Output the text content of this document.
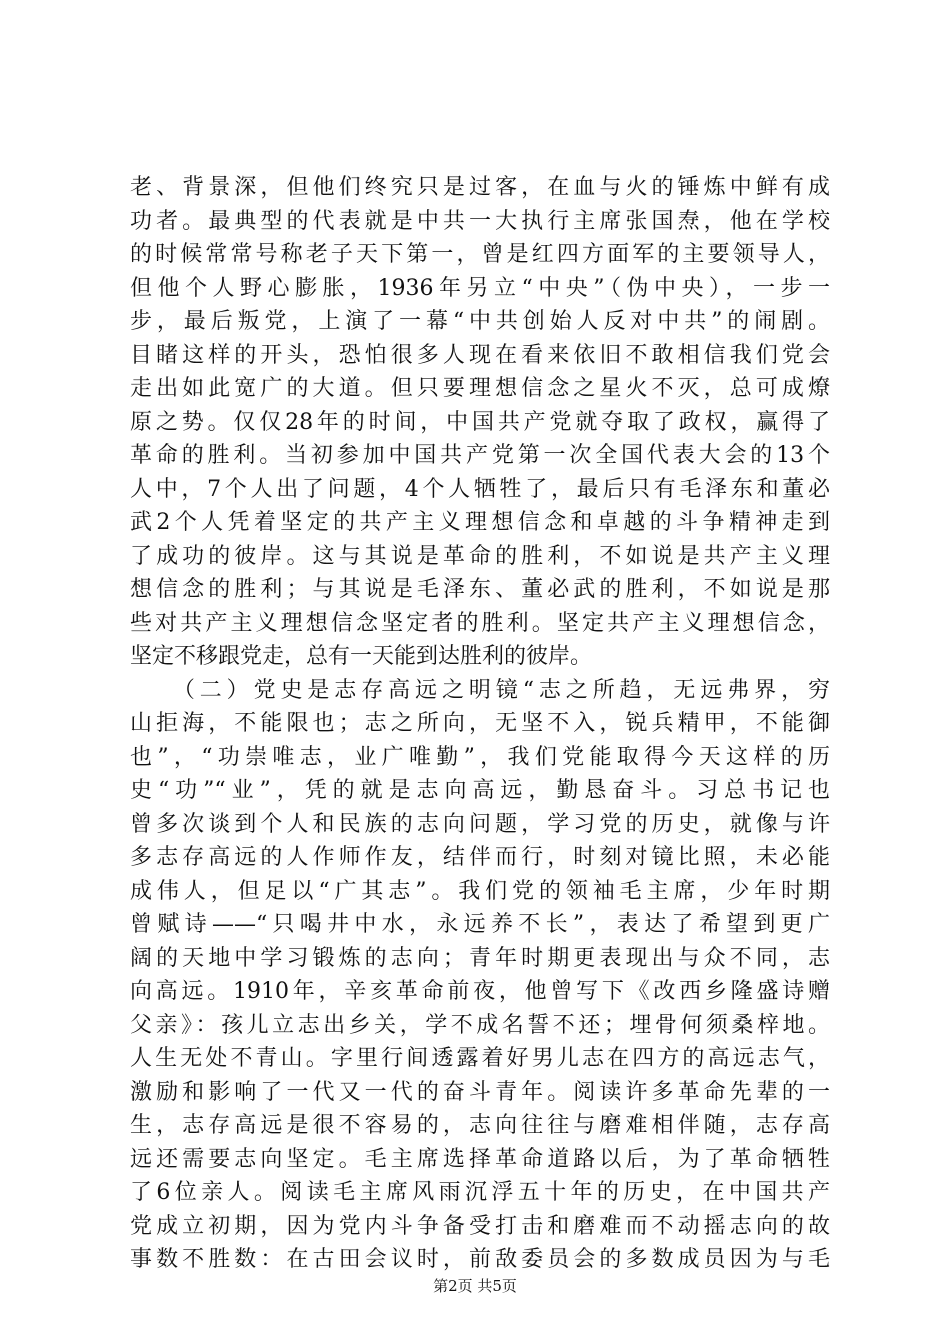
老、背景深，但他们终究只是过客，在血与火的锤炼中鲜有成
功者。最典型的代表就是中共一大执行主席张国焘，他在学校
的时候常常号称老子天下第一，曾是红四方面军的主要领导人，
但他个人野心膨胀，1936年另立“中央”（伪中央），一步一
步，最后叛党，上演了一幕“中共创始人反对中共”的闹剧。
目睹这样的开头，恐怕很多人现在看来依旧不敢相信我们党会
走出如此宽广的大道。但只要理想信念之星火不灭，总可成燎
原之势。仅仅28年的时间，中国共产党就夺取了政权，赢得了
革命的胜利。当初参加中国共产党第一次全国代表大会的13个
人中，7个人出了问题，4个人牺牲了，最后只有毛泽东和董必
武2个人凭着坚定的共产主义理想信念和卓越的斗争精神走到
了成功的彼岸。这与其说是革命的胜利，不如说是共产主义理
想信念的胜利；与其说是毛泽东、董必武的胜利，不如说是那
些对共产主义理想信念坚定者的胜利。坚定共产主义理想信念，
坚定不移跟党走，总有一天能到达胜利的彼岸。
　　（二）党史是志存高远之明镜“志之所趋，无远弗界，穷
山拒海，不能限也；志之所向，无坚不入，锐兵精甲，不能御
也”，“功崇唯志，业广唯勤”，我们党能取得今天这样的历
史“功”“业”，凭的就是志向高远，勤恳奋斗。习总书记也
曾多次谈到个人和民族的志向问题，学习党的历史，就像与许
多志存高远的人作师作友，结伴而行，时刻对镜比照，未必能
成伟人，但足以“广其志”。我们党的领袖毛主席，少年时期
曾赋诗——“只喝井中水，永远养不长”，表达了希望到更广
阔的天地中学习锻炼的志向；青年时期更表现出与众不同，志
向高远。1910年，辛亥革命前夜，他曾写下《改西乡隆盛诗赠
父亲》：孩儿立志出乡关，学不成名誓不还；埋骨何须桑梓地。
人生无处不青山。字里行间透露着好男儿志在四方的高远志气，
激励和影响了一代又一代的奋斗青年。阅读许多革命先辈的一
生，志存高远是很不容易的，志向往往与磨难相伴随，志存高
远还需要志向坚定。毛主席选择革命道路以后，为了革命牺牲
了6位亲人。阅读毛主席风雨沉浮五十年的历史，在中国共产
党成立初期，因为党内斗争备受打击和磨难而不动摇志向的故
事数不胜数：在古田会议时，前敌委员会的多数成员因为与毛
第2页 共5页
